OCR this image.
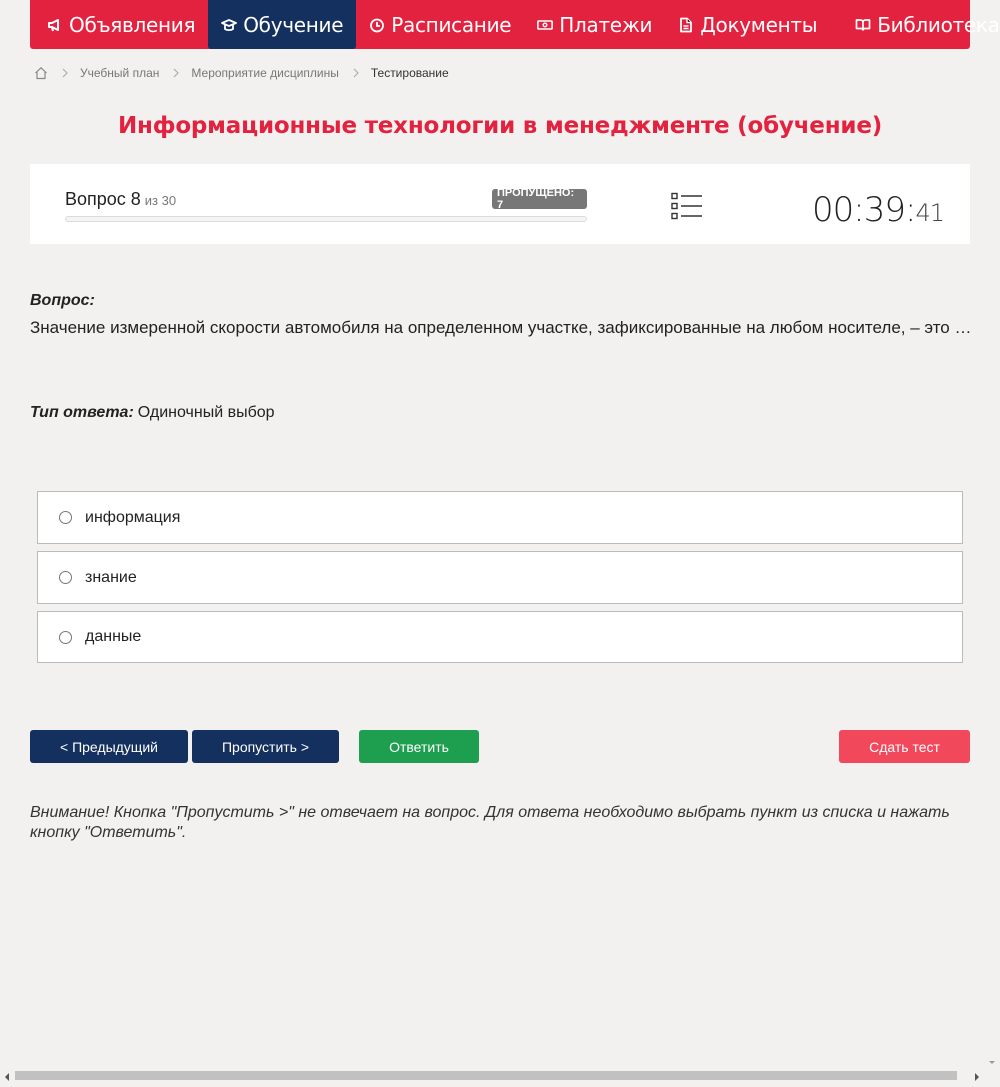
Объявления Обучение Расписание Платежи Документы	Библиотека
Учебный план	Мероприятие дисциплины	Тестирование
Информационные технологии в менеджменте (обучение)
Вопрос 8 из 30	ПРОПУЩЕНО: 7	00:39:41
Вопрос:
Значение измеренной скорости автомобиля на определенном участке, зафиксированные на любом носителе, – это …
Тип ответа: Одиночный выбор
информация
знание
данные
< Предыдущий	Пропустить >	Ответить	Сдать тест
Внимание! Кнопка "Пропустить >" не отвечает на вопрос. Для ответа необходимо выбрать пункт из списка и нажать кнопку "Ответить".
